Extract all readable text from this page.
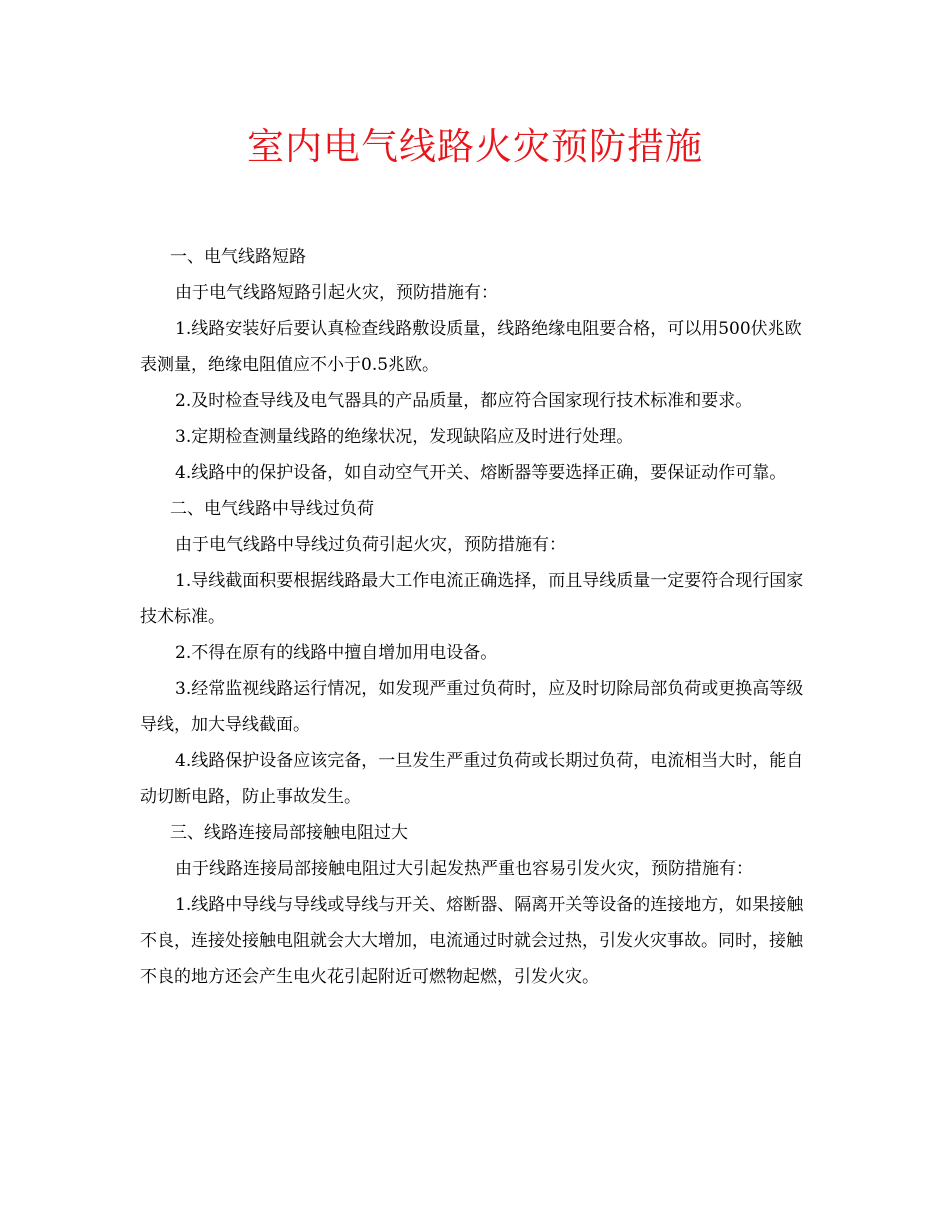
室内电气线路火灾预防措施

一、电气线路短路

由于电气线路短路引起火灾，预防措施有：

1.线路安装好后要认真检查线路敷设质量，线路绝缘电阻要合格，可以用500伏兆欧表测量，绝缘电阻值应不小于0.5兆欧。

2.及时检查导线及电气器具的产品质量，都应符合国家现行技术标准和要求。

3.定期检查测量线路的绝缘状况，发现缺陷应及时进行处理。

4.线路中的保护设备，如自动空气开关、熔断器等要选择正确，要保证动作可靠。

二、电气线路中导线过负荷

由于电气线路中导线过负荷引起火灾，预防措施有：

1.导线截面积要根据线路最大工作电流正确选择，而且导线质量一定要符合现行国家技术标准。

2.不得在原有的线路中擅自增加用电设备。

3.经常监视线路运行情况，如发现严重过负荷时，应及时切除局部负荷或更换高等级导线，加大导线截面。

4.线路保护设备应该完备，一旦发生严重过负荷或长期过负荷，电流相当大时，能自动切断电路，防止事故发生。

三、线路连接局部接触电阻过大

由于线路连接局部接触电阻过大引起发热严重也容易引发火灾，预防措施有：

1.线路中导线与导线或导线与开关、熔断器、隔离开关等设备的连接地方，如果接触不良，连接处接触电阻就会大大增加，电流通过时就会过热，引发火灾事故。同时，接触不良的地方还会产生电火花引起附近可燃物起燃，引发火灾。
